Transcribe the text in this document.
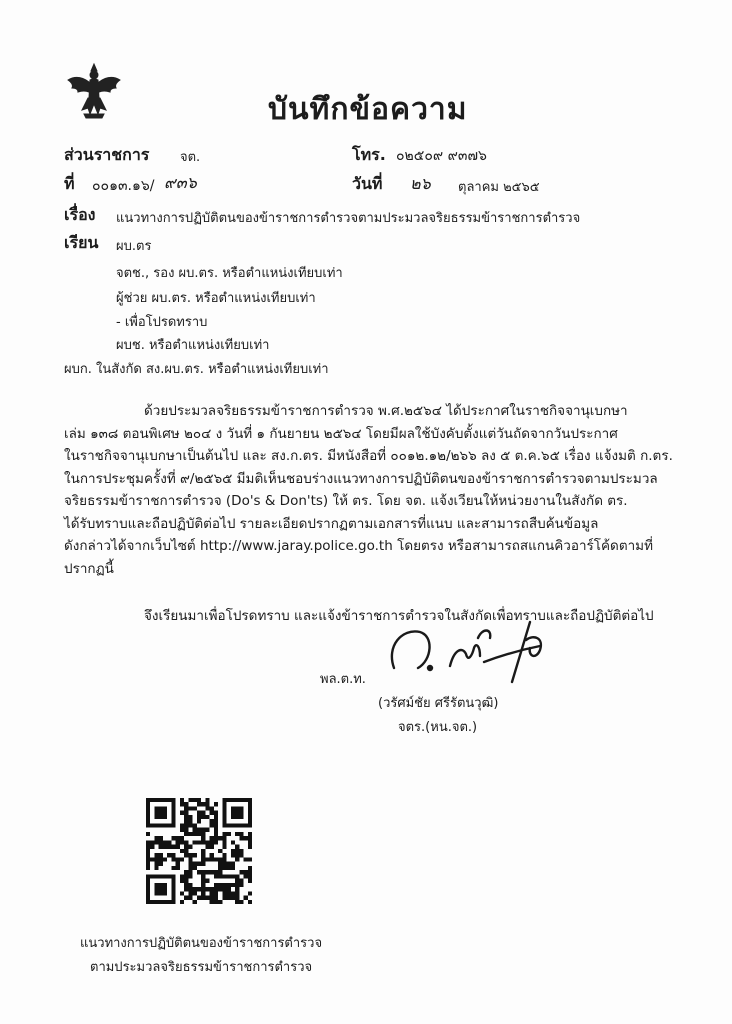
บันทึกข้อความ
ส่วนราชการ จต.	โทร. ๐๒๕๐๙ ๙๓๗๖
ที่ ๐๐๑๓.๑๖/ ๙๓๖	วันที่ ๒๖ ตุลาคม ๒๕๖๕
เรื่อง แนวทางการปฏิบัติตนของข้าราชการตำรวจตามประมวลจริยธรรมข้าราชการตำรวจ
เรียน ผบ.ตร
จตช., รอง ผบ.ตร. หรือตำแหน่งเทียบเท่า
ผู้ช่วย ผบ.ตร. หรือตำแหน่งเทียบเท่า
- เพื่อโปรดทราบ
ผบช. หรือตำแหน่งเทียบเท่า
ผบก. ในสังกัด สง.ผบ.ตร. หรือตำแหน่งเทียบเท่า

ด้วยประมวลจริยธรรมข้าราชการตำรวจ พ.ศ.๒๕๖๔ ได้ประกาศในราชกิจจานุเบกษา

เล่ม ๑๓๘ ตอนพิเศษ ๒๐๔ ง วันที่ ๑ กันยายน ๒๕๖๔ โดยมีผลใช้บังคับตั้งแต่วันถัดจากวันประกาศ

ในราชกิจจานุเบกษาเป็นต้นไป และ สง.ก.ตร. มีหนังสือที่ ๐๐๑๒.๑๒/๒๖๖ ลง ๕ ต.ค.๖๕ เรื่อง แจ้งมติ ก.ตร.

ในการประชุมครั้งที่ ๙/๒๕๖๕ มีมติเห็นชอบร่างแนวทางการปฏิบัติตนของข้าราชการตำรวจตามประมวล

จริยธรรมข้าราชการตำรวจ (Do's & Don'ts) ให้ ตร. โดย จต. แจ้งเวียนให้หน่วยงานในสังกัด ตร.

ได้รับทราบและถือปฏิบัติต่อไป รายละเอียดปรากฏตามเอกสารที่แนบ และสามารถสืบค้นข้อมูล

ดังกล่าวได้จากเว็บไซต์ http://www.jaray.police.go.th โดยตรง หรือสามารถสแกนคิวอาร์โค้ดตามที่

ปรากฏนี้

จึงเรียนมาเพื่อโปรดทราบ และแจ้งข้าราชการตำรวจในสังกัดเพื่อทราบและถือปฏิบัติต่อไป
พล.ต.ท.
(วรัศม์ชัย ศรีรัตนวุฒิ)
จตร.(หน.จต.)
แนวทางการปฏิบัติตนของข้าราชการตำรวจ
ตามประมวลจริยธรรมข้าราชการตำรวจ
